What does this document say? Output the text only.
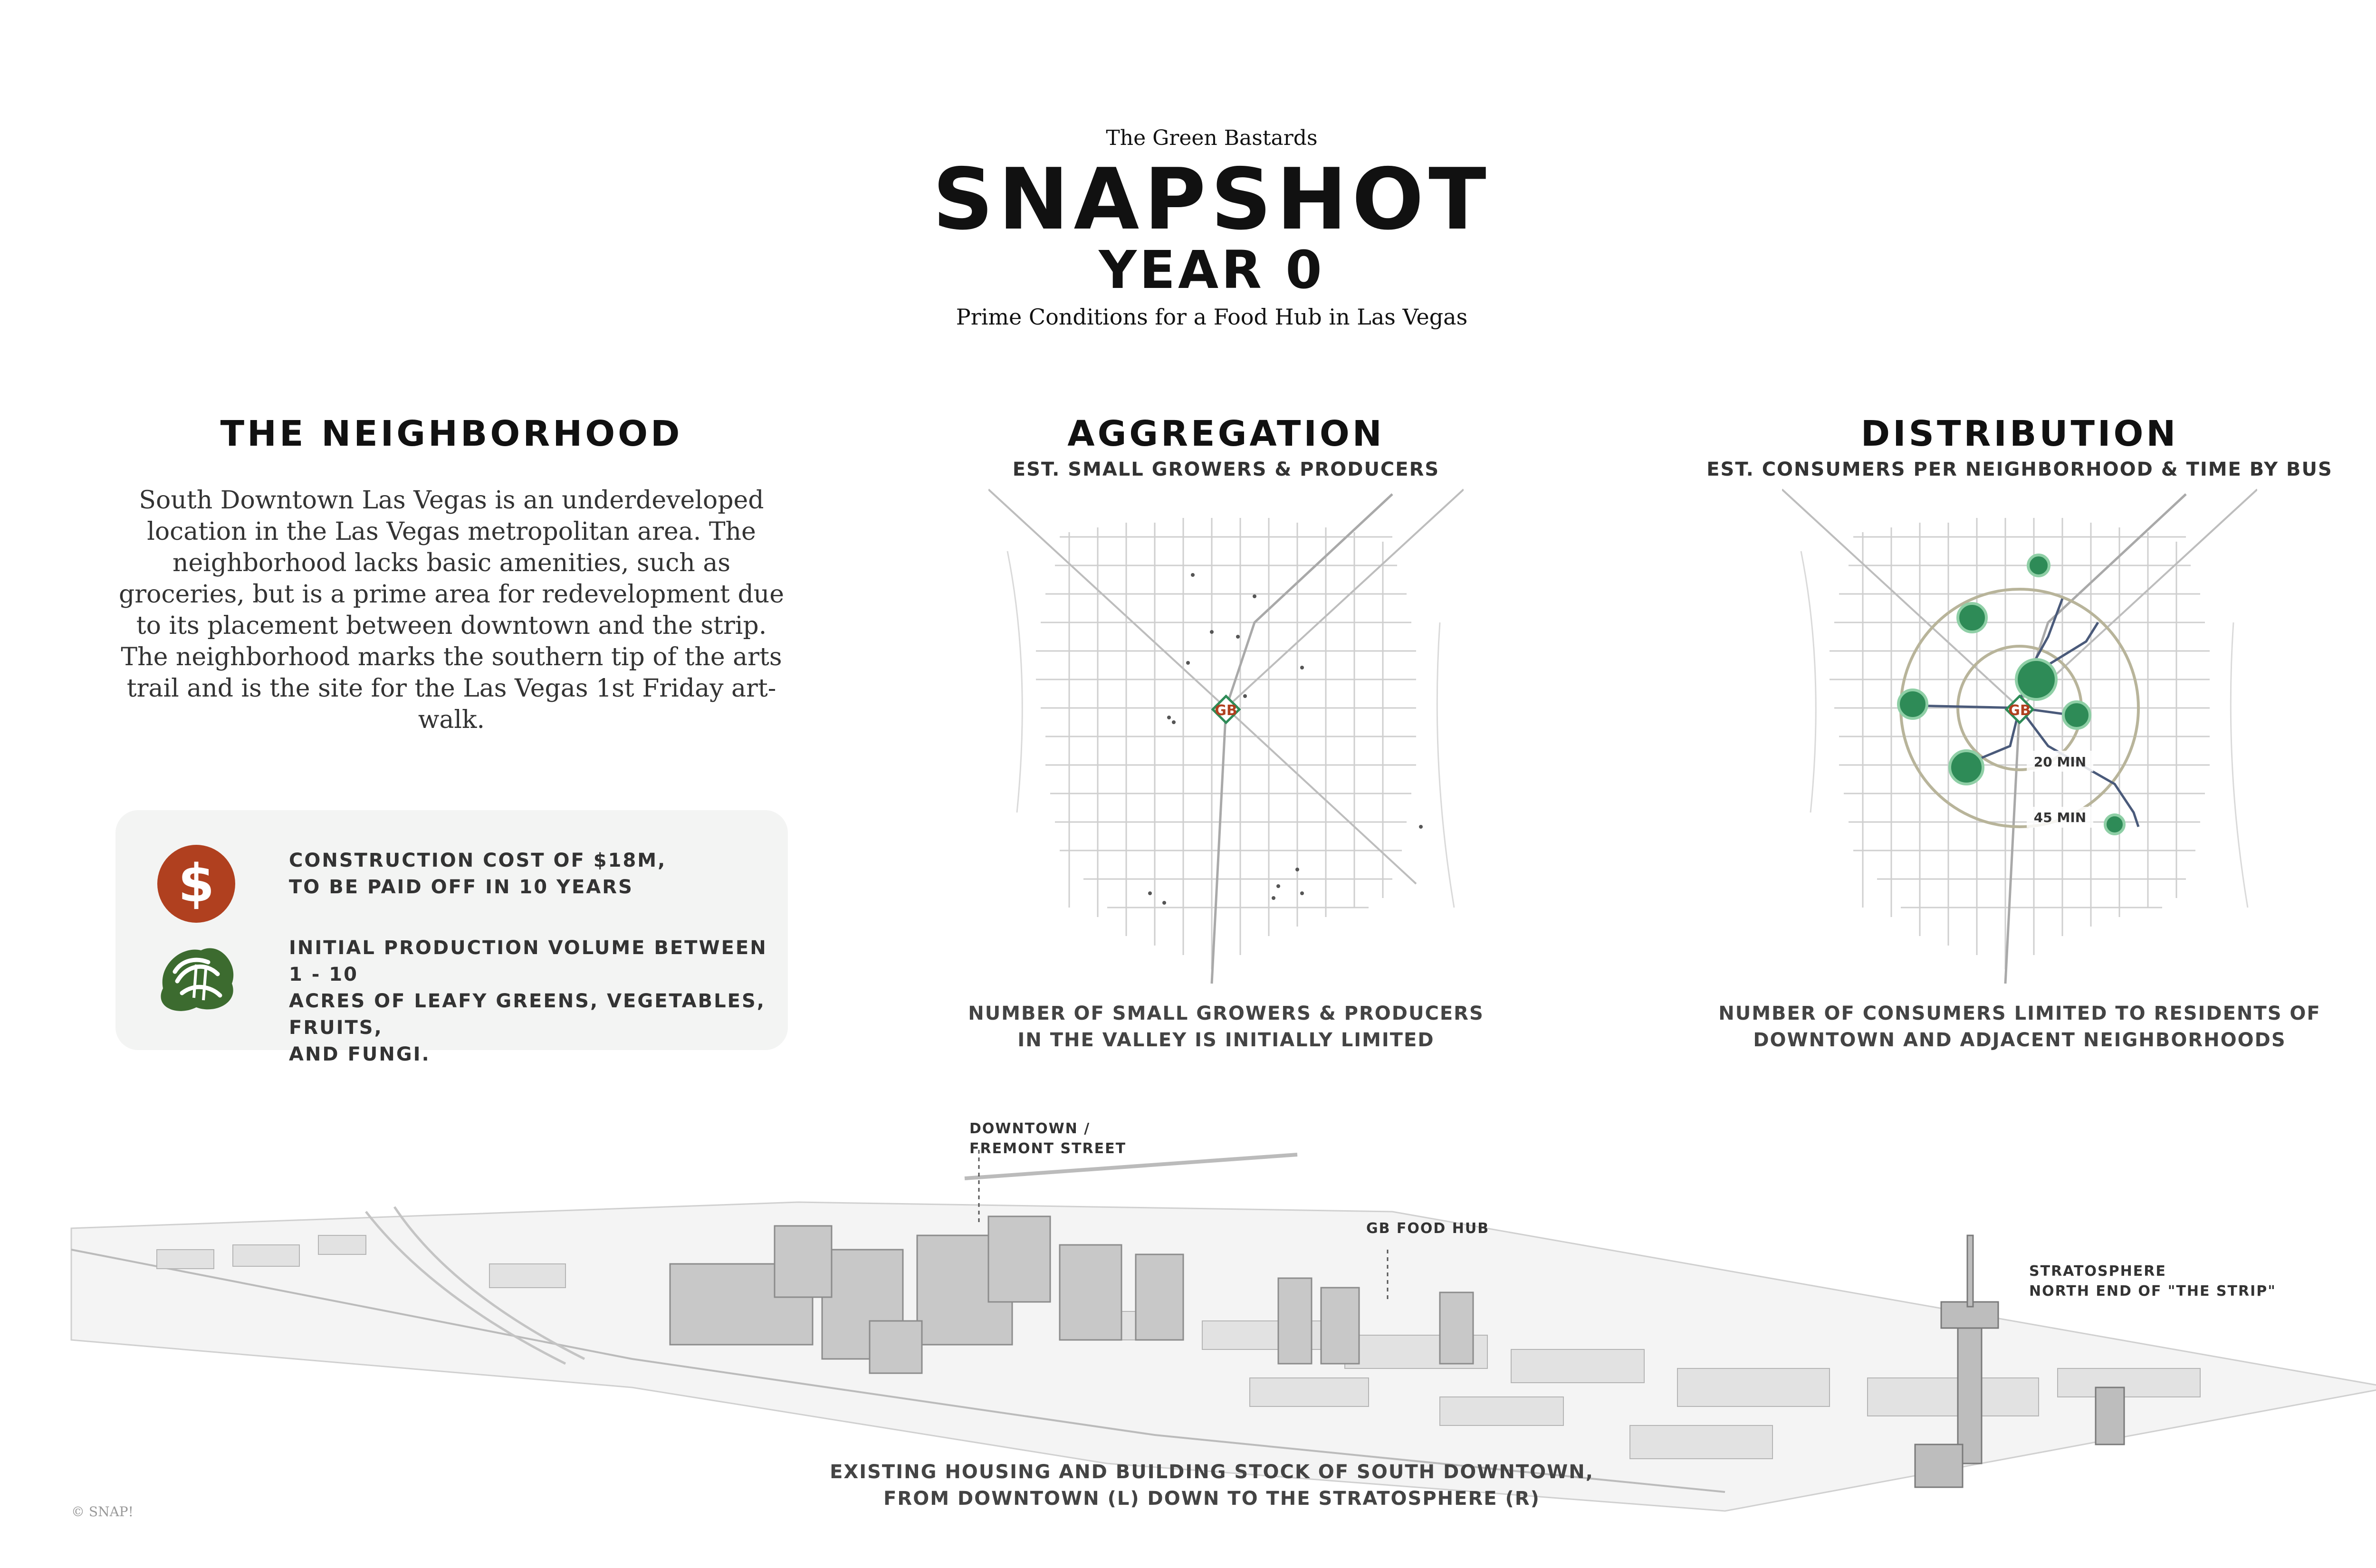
The Green Bastards
SNAPSHOT
YEAR 0
Prime Conditions for a Food Hub in Las Vegas
THE NEIGHBORHOOD
South Downtown Las Vegas is an underdeveloped location in the Las Vegas metropolitan area. The neighborhood lacks basic amenities, such as groceries, but is a prime area for redevelopment due to its placement between downtown and the strip. The neighborhood marks the southern tip of the arts trail and is the site for the Las Vegas 1st Friday art-walk.
$	CONSTRUCTION COST OF $18M,
TO BE PAID OFF IN 10 YEARS
INITIAL PRODUCTION VOLUME BETWEEN 1 - 10
ACRES OF LEAFY GREENS, VEGETABLES, FRUITS,
AND FUNGI.
AGGREGATION
EST. SMALL GROWERS & PRODUCERS
GB
NUMBER OF SMALL GROWERS & PRODUCERS
IN THE VALLEY IS INITIALLY LIMITED
DISTRIBUTION
EST. CONSUMERS PER NEIGHBORHOOD & TIME BY BUS
GB
20 MIN
45 MIN
NUMBER OF CONSUMERS LIMITED TO RESIDENTS OF
DOWNTOWN AND ADJACENT NEIGHBORHOODS
DOWNTOWN /
FREMONT STREET
GB FOOD HUB
STRATOSPHERE
NORTH END OF "THE STRIP"
EXISTING HOUSING AND BUILDING STOCK OF SOUTH DOWNTOWN,
FROM DOWNTOWN (L) DOWN TO THE STRATOSPHERE (R)
© SNAP!
